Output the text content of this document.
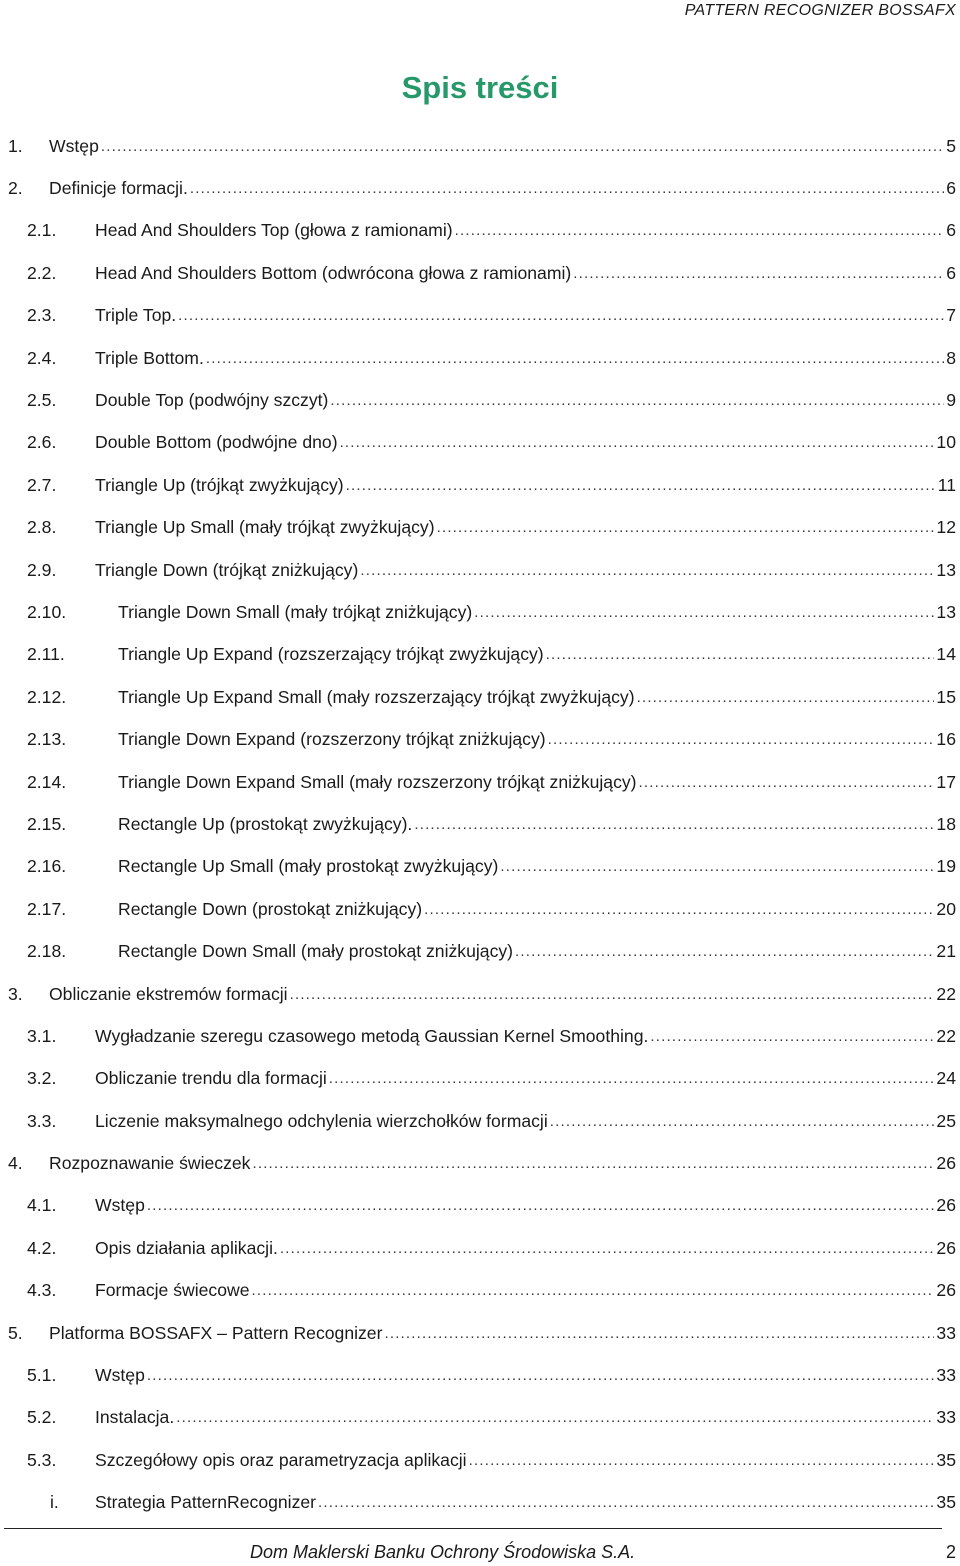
PATTERN RECOGNIZER BOSSAFX
Spis treści
1. Wstęp .....	5
2. Definicje formacji. .....	6
2.1. Head And Shoulders Top (głowa z ramionami) .....	6
2.2. Head And Shoulders Bottom (odwrócona głowa z ramionami) .....	6
2.3. Triple Top. .....	7
2.4. Triple Bottom. .....	8
2.5. Double Top (podwójny szczyt) .....	9
2.6. Double Bottom (podwójne dno) .....	10
2.7. Triangle Up (trójkąt zwyżkujący) .....	11
2.8. Triangle Up Small (mały trójkąt zwyżkujący) .....	12
2.9. Triangle Down (trójkąt zniżkujący) .....	13
2.10.	Triangle Down Small (mały trójkąt zniżkujący) .....	13
2.11.	Triangle Up Expand (rozszerzający trójkąt zwyżkujący) .....	14
2.12.	Triangle Up Expand Small (mały rozszerzający trójkąt zwyżkujący) .....	15
2.13.	Triangle Down Expand (rozszerzony trójkąt zniżkujący) .....	16
2.14.	Triangle Down Expand Small (mały rozszerzony trójkąt zniżkujący) .....	17
2.15.	Rectangle Up (prostokąt zwyżkujący). .....	18
2.16.	Rectangle Up Small (mały prostokąt zwyżkujący) .....	19
2.17.	Rectangle Down (prostokąt zniżkujący) .....	20
2.18.	Rectangle Down Small (mały prostokąt zniżkujący) .....	21
3. Obliczanie ekstremów formacji .....	22
3.1. Wygładzanie szeregu czasowego metodą Gaussian Kernel Smoothing. .....	22
3.2. Obliczanie trendu dla formacji .....	24
3.3. Liczenie maksymalnego odchylenia wierzchołków formacji .....	25
4. Rozpoznawanie świeczek .....	26
4.1. Wstęp .....	26
4.2. Opis działania aplikacji. .....	26
4.3. Formacje świecowe .....	26
5. Platforma BOSSAFX – Pattern Recognizer .....	33
5.1. Wstęp .....	33
5.2. Instalacja. .....	33
5.3. Szczegółowy opis oraz parametryzacja aplikacji .....	35
i. Strategia PatternRecognizer .....	35
Dom Maklerski Banku Ochrony Środowiska S.A.	2
